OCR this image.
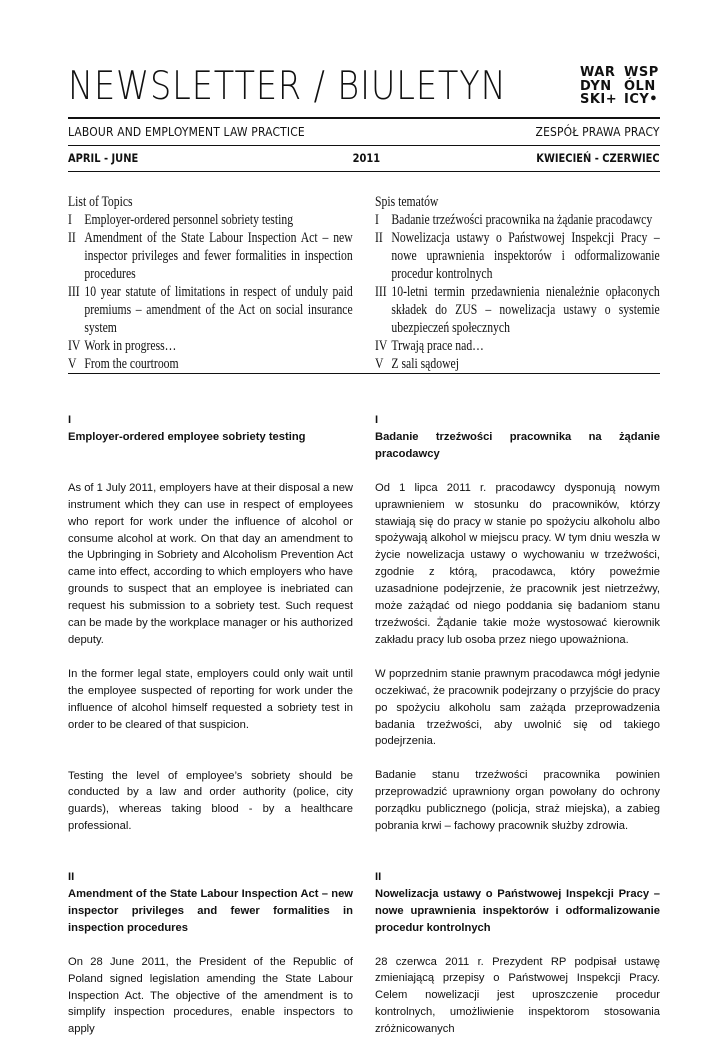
NEWSLETTER / BIULETYN	WAR
DYN
SKI+
WSP
ÓLN
ICY•
LABOUR AND EMPLOYMENT LAW PRACTICE	ZESPÓŁ PRAWA PRACY
APRIL - JUNE	2011	KWIECIEŃ - CZERWIEC
List of Topics
I Employer-ordered personnel sobriety testing
II Amendment of the State Labour Inspection Act – new inspector privileges and fewer formalities in inspection procedures
III 10 year statute of limitations in respect of unduly paid premiums – amendment of the Act on social insurance system
IV Work in progress…
V From the courtroom
Spis tematów
I Badanie trzeźwości pracownika na żądanie pracodawcy
II Nowelizacja ustawy o Państwowej Inspekcji Pracy – nowe uprawnienia inspektorów i odformalizowanie procedur kontrolnych
III 10-letni termin przedawnienia nienależnie opłaconych składek do ZUS – nowelizacja ustawy o systemie ubezpieczeń społecznych
IV Trwają prace nad…
V Z sali sądowej

I

Employer-ordered employee sobriety testing

As of 1 July 2011, employers have at their disposal a new instrument which they can use in respect of employees who report for work under the influence of alcohol or consume alcohol at work. On that day an amendment to the Upbringing in Sobriety and Alcoholism Prevention Act came into effect, according to which employers who have grounds to suspect that an employee is inebriated can request his submission to a sobriety test. Such request can be made by the workplace manager or his authorized deputy.

In the former legal state, employers could only wait until the employee suspected of reporting for work under the influence of alcohol himself requested a sobriety test in order to be cleared of that suspicion.

Testing the level of employee’s sobriety should be conducted by a law and order authority (police, city guards), whereas taking blood - by a healthcare professional.

II

Amendment of the State Labour Inspection Act – new inspector privileges and fewer formalities in inspection procedures

On 28 June 2011, the President of the Republic of Poland signed legislation amending the State Labour Inspection Act. The objective of the amendment is to simplify inspection procedures, enable inspectors to apply

I

Badanie trzeźwości pracownika na żądanie pracodawcy

Od 1 lipca 2011 r. pracodawcy dysponują nowym uprawnieniem w stosunku do pracowników, którzy stawiają się do pracy w stanie po spożyciu alkoholu albo spożywają alkohol w miejscu pracy. W tym dniu weszła w życie nowelizacja ustawy o wychowaniu w trzeźwości, zgodnie z którą, pracodawca, który poweźmie uzasadnione podejrzenie, że pracownik jest nietrzeźwy, może zażądać od niego poddania się badaniom stanu trzeźwości. Żądanie takie może wystosować kierownik zakładu pracy lub osoba przez niego upoważniona.

W poprzednim stanie prawnym pracodawca mógł jedynie oczekiwać, że pracownik podejrzany o przyjście do pracy po spożyciu alkoholu sam zażąda przeprowadzenia badania trzeźwości, aby uwolnić się od takiego podejrzenia.

Badanie stanu trzeźwości pracownika powinien przeprowadzić uprawniony organ powołany do ochrony porządku publicznego (policja, straż miejska), a zabieg pobrania krwi – fachowy pracownik służby zdrowia.

II

Nowelizacja ustawy o Państwowej Inspekcji Pracy – nowe uprawnienia inspektorów i odformalizowanie procedur kontrolnych

28 czerwca 2011 r. Prezydent RP podpisał ustawę zmieniającą przepisy o Państwowej Inspekcji Pracy. Celem nowelizacji jest uproszczenie procedur kontrolnych, umożliwienie inspektorom stosowania zróżnicowanych
